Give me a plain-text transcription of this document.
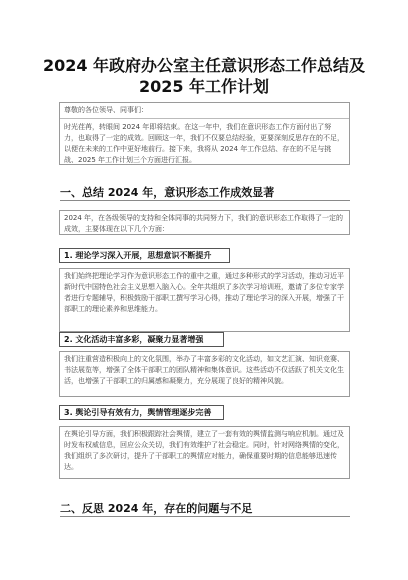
2024 年政府办公室主任意识形态工作总结及
2025 年工作计划

尊敬的各位领导、同事们：

时光荏苒，转眼间 2024 年即将结束。在这一年中，我们在意识形态工作方面付出了努力，也取得了一定的成效。回顾这一年，我们不仅要总结经验，更要深刻反思存在的不足，以便在未来的工作中更好地前行。接下来，我将从 2024 年工作总结、存在的不足与挑战、2025 年工作计划三个方面进行汇报。

一、总结 2024 年，意识形态工作成效显著

2024 年，在各级领导的支持和全体同事的共同努力下，我们的意识形态工作取得了一定的成效，主要体现在以下几个方面：

1. 理论学习深入开展，思想意识不断提升

我们始终把理论学习作为意识形态工作的重中之重，通过多种形式的学习活动，推动习近平新时代中国特色社会主义思想入脑入心。全年共组织了多次学习培训班，邀请了多位专家学者进行专题辅导，积极鼓励干部职工撰写学习心得，推动了理论学习的深入开展，增强了干部职工的理论素养和思维能力。

2. 文化活动丰富多彩，凝聚力显著增强

我们注重营造积极向上的文化氛围，举办了丰富多彩的文化活动，如文艺汇演、知识竞赛、书法展览等，增强了全体干部职工的团队精神和集体意识。这些活动不仅活跃了机关文化生活，也增强了干部职工的归属感和凝聚力，充分展现了良好的精神风貌。

3. 舆论引导有效有力，舆情管理逐步完善

在舆论引导方面，我们积极跟踪社会舆情，建立了一套有效的舆情监测与响应机制。通过及时发布权威信息，回应公众关切，我们有效维护了社会稳定。同时，针对网络舆情的变化，我们组织了多次研讨，提升了干部职工的舆情应对能力，确保重要时期的信息能够迅速传达。

二、反思 2024 年，存在的问题与不足
